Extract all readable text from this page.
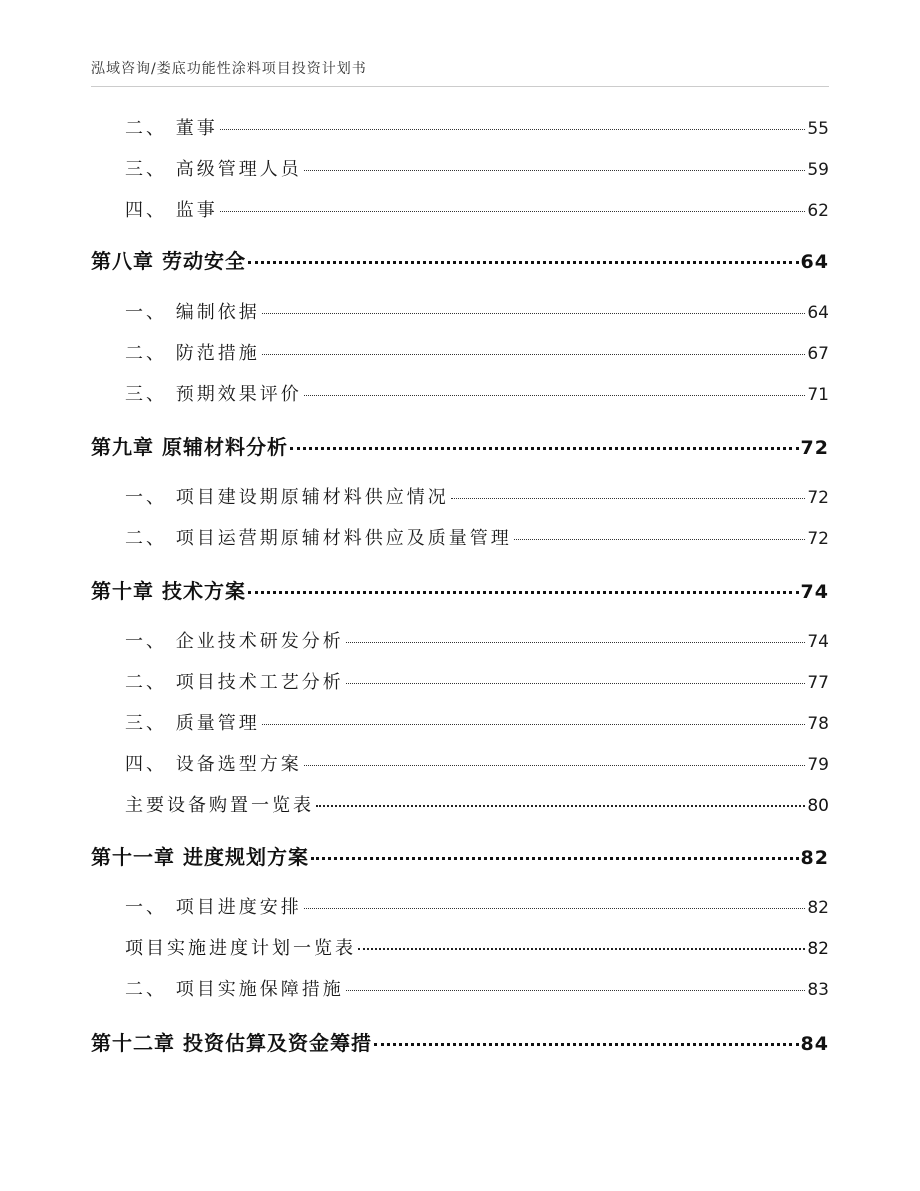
泓域咨询/娄底功能性涂料项目投资计划书
二、 董事	55
三、 高级管理人员	59
四、 监事	62
第八章 劳动安全	64
一、 编制依据	64
二、 防范措施	67
三、 预期效果评价	71
第九章 原辅材料分析	72
一、 项目建设期原辅材料供应情况	72
二、 项目运营期原辅材料供应及质量管理	72
第十章 技术方案	74
一、 企业技术研发分析	74
二、 项目技术工艺分析	77
三、 质量管理	78
四、 设备选型方案	79
主要设备购置一览表	80
第十一章 进度规划方案	82
一、 项目进度安排	82
项目实施进度计划一览表	82
二、 项目实施保障措施	83
第十二章 投资估算及资金筹措	84
